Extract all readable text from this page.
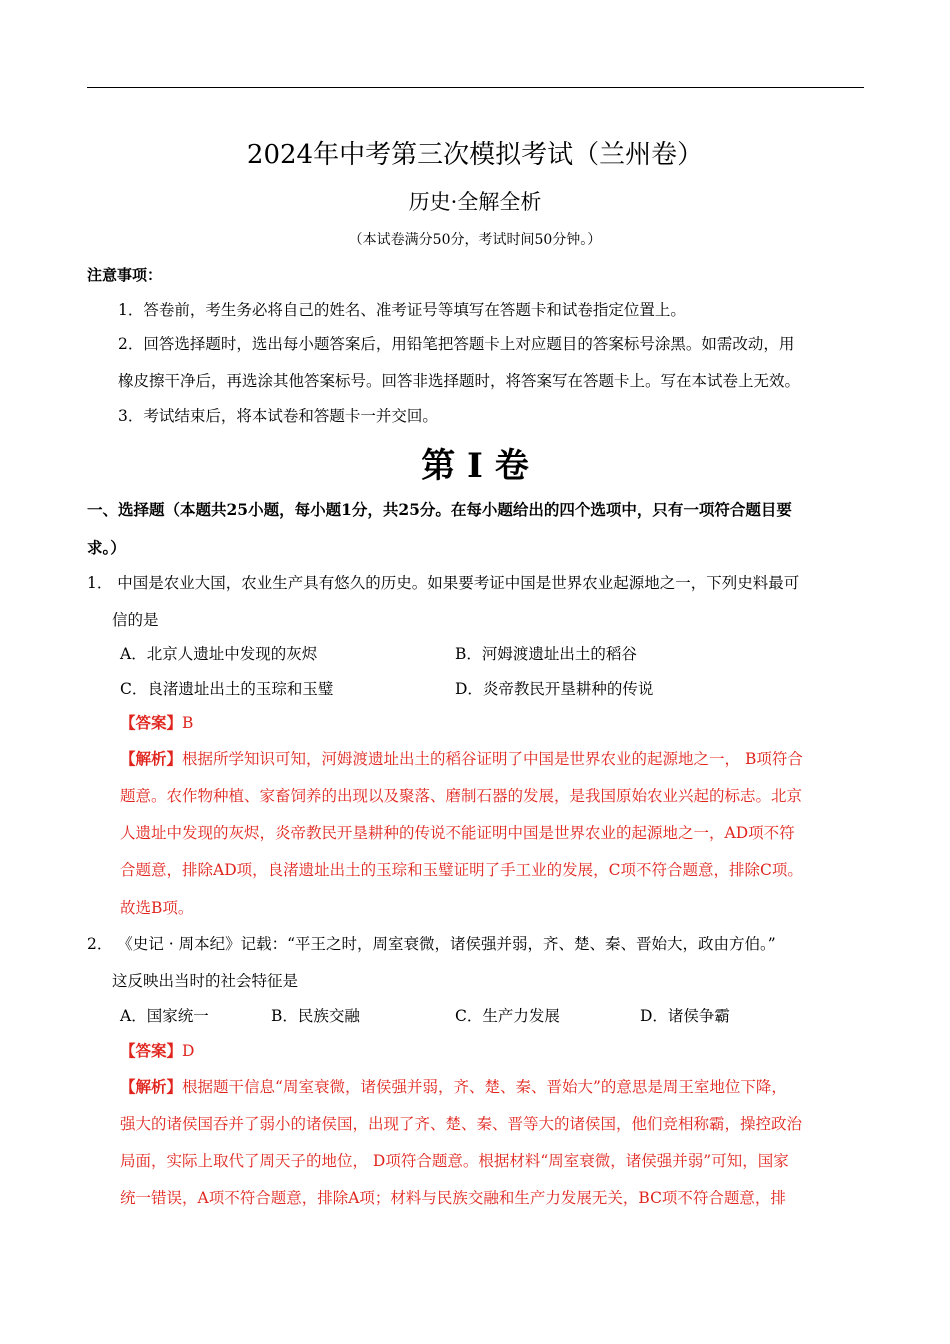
2024年中考第三次模拟考试（兰州卷）
历史·全解全析
（本试卷满分50分，考试时间50分钟。）
注意事项：
1．答卷前，考生务必将自己的姓名、准考证号等填写在答题卡和试卷指定位置上。
2．回答选择题时，选出每小题答案后，用铅笔把答题卡上对应题目的答案标号涂黑。如需改动，用
橡皮擦干净后，再选涂其他答案标号。回答非选择题时，将答案写在答题卡上。写在本试卷上无效。
3．考试结束后，将本试卷和答题卡一并交回。
第 I 卷
一、选择题（本题共25小题，每小题1分，共25分。在每小题给出的四个选项中，只有一项符合题目要
求。）
1． 中国是农业大国，农业生产具有悠久的历史。如果要考证中国是世界农业起源地之一，下列史料最可
信的是
A．北京人遗址中发现的灰烬	B．河姆渡遗址出土的稻谷
C．良渚遗址出土的玉琮和玉璧	D．炎帝教民开垦耕种的传说
【答案】B
【解析】根据所学知识可知，河姆渡遗址出土的稻谷证明了中国是世界农业的起源地之一， B项符合
题意。农作物种植、家畜饲养的出现以及聚落、磨制石器的发展，是我国原始农业兴起的标志。北京
人遗址中发现的灰烬，炎帝教民开垦耕种的传说不能证明中国是世界农业的起源地之一，AD项不符
合题意，排除AD项，良渚遗址出土的玉琮和玉璧证明了手工业的发展，C项不符合题意，排除C项。
故选B项。
2． 《史记 · 周本纪》记载：“平王之时，周室衰微，诸侯强并弱，齐、楚、秦、晋始大，政由方伯。”
这反映出当时的社会特征是
A．国家统一	B．民族交融	C．生产力发展	D．诸侯争霸
【答案】D
【解析】根据题干信息“周室衰微，诸侯强并弱，齐、楚、秦、晋始大”的意思是周王室地位下降，
强大的诸侯国吞并了弱小的诸侯国，出现了齐、楚、秦、晋等大的诸侯国，他们竞相称霸，操控政治
局面，实际上取代了周天子的地位， D项符合题意。根据材料“周室衰微，诸侯强并弱”可知，国家
统一错误，A项不符合题意，排除A项；材料与民族交融和生产力发展无关，BC项不符合题意，排
